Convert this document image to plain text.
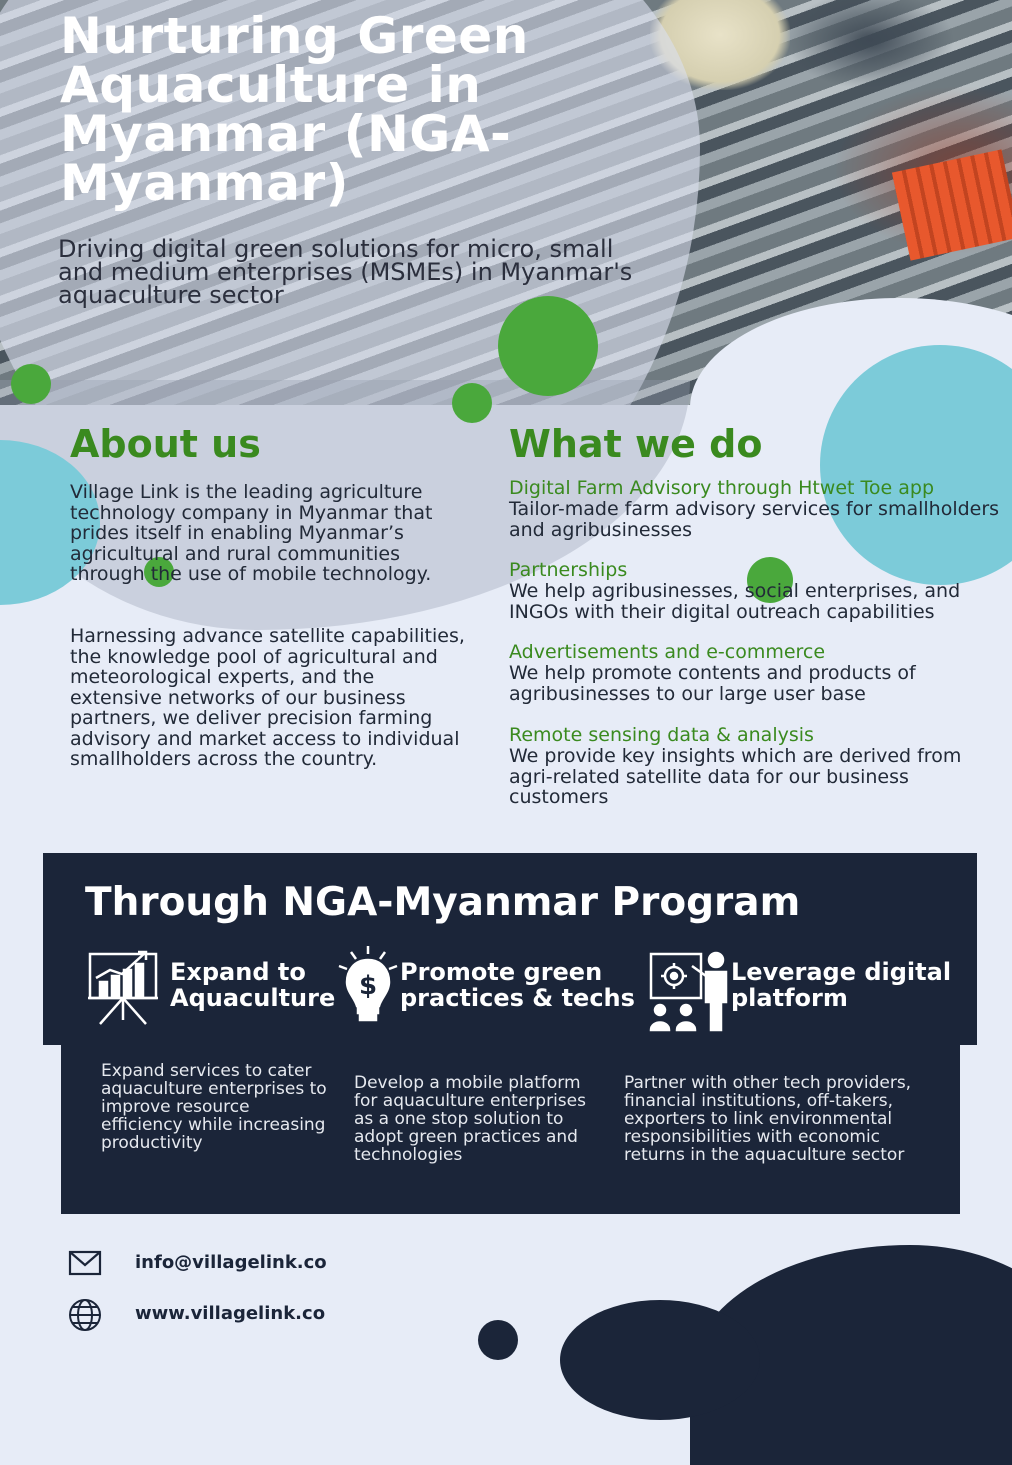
Nurturing Green Aquaculture in Myanmar (NGA-Myanmar)

Driving digital green solutions for micro, small and medium enterprises (MSMEs) in Myanmar's aquaculture sector

About us

Village Link is the leading agriculture technology company in Myanmar that prides itself in enabling Myanmar’s agricultural and rural communities through the use of mobile technology.

Harnessing advance satellite capabilities, the knowledge pool of agricultural and meteorological experts, and the extensive networks of our business partners, we deliver precision farming advisory and market access to individual smallholders across the country.

What we do
Digital Farm Advisory through Htwet Toe app
Tailor-made farm advisory services for smallholders and agribusinesses
Partnerships
We help agribusinesses, social enterprises, and INGOs with their digital outreach capabilities
Advertisements and e-commerce
We help promote contents and products of agribusinesses to our large user base
Remote sensing data & analysis
We provide key insights which are derived from agri-related satellite data for our business customers
Through NGA-Myanmar Program
Expand to Aquaculture $ Promote green practices & techs
Leverage digital platform
Expand services to cater aquaculture enterprises to improve resource efficiency while increasing productivity
Develop a mobile platform for aquaculture enterprises as a one stop solution to adopt green practices and technologies
Partner with other tech providers, financial institutions, off-takers, exporters to link environmental responsibilities with economic returns in the aquaculture sector
info@villagelink.co
www.villagelink.co
